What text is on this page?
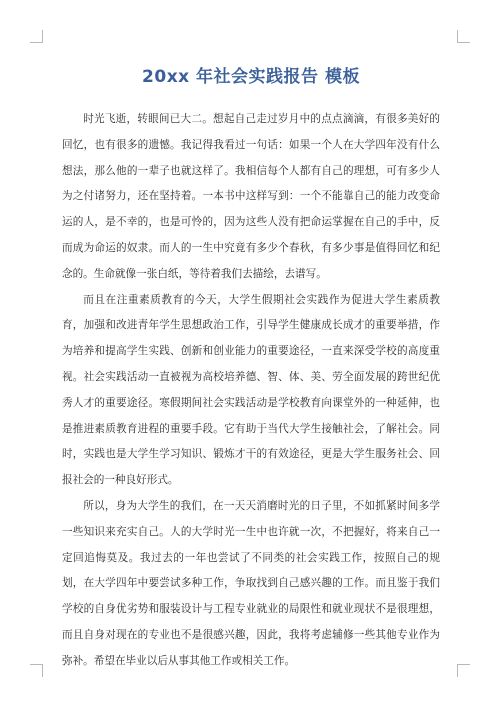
20xx 年社会实践报告 模板

时光飞逝，转眼间已大二。想起自己走过岁月中的点点滴滴，有很多美好的回忆，也有很多的遗憾。我记得我看过一句话：如果一个人在大学四年没有什么想法，那么他的一辈子也就这样了。我相信每个人都有自己的理想，可有多少人为之付诸努力，还在坚持着。一本书中这样写到：一个不能靠自己的能力改变命运的人，是不幸的，也是可怜的，因为这些人没有把命运掌握在自己的手中，反而成为命运的奴隶。而人的一生中究竟有多少个春秋，有多少事是值得回忆和纪念的。生命就像一张白纸，等待着我们去描绘，去谱写。

而且在注重素质教育的今天，大学生假期社会实践作为促进大学生素质教育，加强和改进青年学生思想政治工作，引导学生健康成长成才的重要举措，作为培养和提高学生实践、创新和创业能力的重要途径，一直来深受学校的高度重视。社会实践活动一直被视为高校培养德、智、体、美、劳全面发展的跨世纪优秀人才的重要途径。寒假期间社会实践活动是学校教育向课堂外的一种延伸，也是推进素质教育进程的重要手段。它有助于当代大学生接触社会，了解社会。同时，实践也是大学生学习知识、锻炼才干的有效途径，更是大学生服务社会、回报社会的一种良好形式。

所以，身为大学生的我们，在一天天消磨时光的日子里，不如抓紧时间多学一些知识来充实自己。人的大学时光一生中也许就一次，不把握好，将来自己一定回追悔莫及。我过去的一年也尝试了不同类的社会实践工作，按照自己的规划，在大学四年中要尝试多种工作，争取找到自己感兴趣的工作。而且鉴于我们学校的自身优劣势和服装设计与工程专业就业的局限性和就业现状不是很理想，而且自身对现在的专业也不是很感兴趣，因此，我将考虑辅修一些其他专业作为弥补。希望在毕业以后从事其他工作或相关工作。
